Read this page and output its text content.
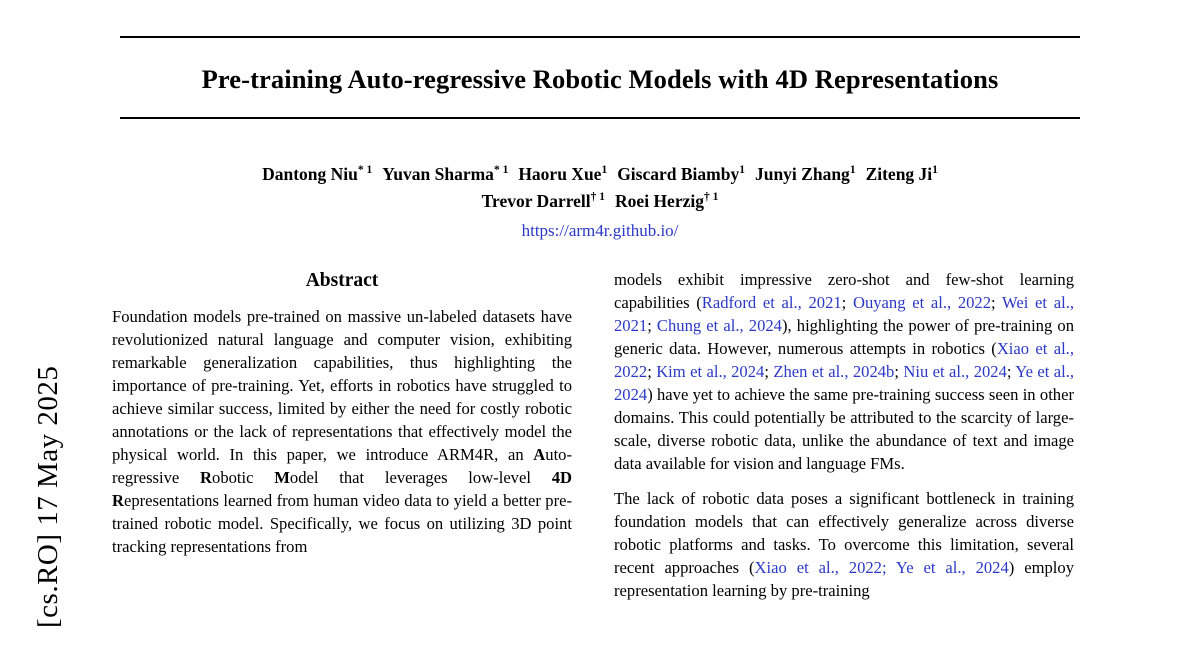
[cs.RO] 17 May 2025
Pre-training Auto-regressive Robotic Models with 4D Representations
Dantong Niu$^{* 1}$ Yuvan Sharma$^{* 1}$ Haoru Xue$^1$ Giscard Biamby$^1$ Junyi Zhang$^1$ Ziteng Ji$^1$
Trevor Darrell$^{\dagger 1}$ Roei Herzig$^{\dagger 1}$
https://arm4r.github.io/
Abstract

Foundation models pre-trained on massive un-labeled datasets have revolutionized natural language and computer vision, exhibiting remarkable generalization capabilities, thus highlighting the importance of pre-training. Yet, efforts in robotics have struggled to achieve similar success, limited by either the need for costly robotic annotations or the lack of representations that effectively model the physical world. In this paper, we introduce ARM4R, an Auto-regressive Robotic Model that leverages low-level 4D Representations learned from human video data to yield a better pre-trained robotic model. Specifically, we focus on utilizing 3D point tracking representations from

models exhibit impressive zero-shot and few-shot learning capabilities (Radford et al., 2021; Ouyang et al., 2022; Wei et al., 2021; Chung et al., 2024), highlighting the power of pre-training on generic data. However, numerous attempts in robotics (Xiao et al., 2022; Kim et al., 2024; Zhen et al., 2024b; Niu et al., 2024; Ye et al., 2024) have yet to achieve the same pre-training success seen in other domains. This could potentially be attributed to the scarcity of large-scale, diverse robotic data, unlike the abundance of text and image data available for vision and language FMs.

The lack of robotic data poses a significant bottleneck in training foundation models that can effectively generalize across diverse robotic platforms and tasks. To overcome this limitation, several recent approaches (Xiao et al., 2022; Ye et al., 2024) employ representation learning by pre-training
